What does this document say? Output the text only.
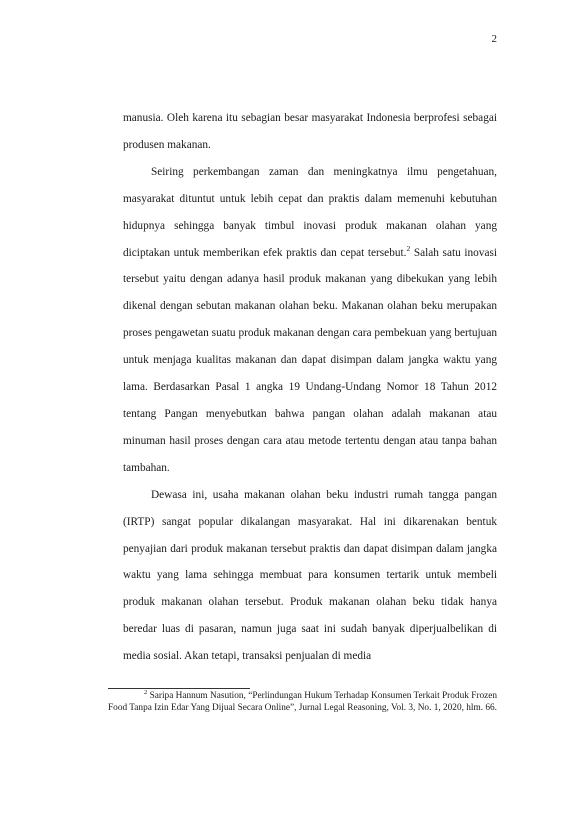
2

manusia. Oleh karena itu sebagian besar masyarakat Indonesia berprofesi sebagai produsen makanan.

Seiring perkembangan zaman dan meningkatnya ilmu pengetahuan, masyarakat dituntut untuk lebih cepat dan praktis dalam memenuhi kebutuhan hidupnya sehingga banyak timbul inovasi produk makanan olahan yang diciptakan untuk memberikan efek praktis dan cepat tersebut.$^2$ Salah satu inovasi tersebut yaitu dengan adanya hasil produk makanan yang dibekukan yang lebih dikenal dengan sebutan makanan olahan beku. Makanan olahan beku merupakan proses pengawetan suatu produk makanan dengan cara pembekuan yang bertujuan untuk menjaga kualitas makanan dan dapat disimpan dalam jangka waktu yang lama. Berdasarkan Pasal 1 angka 19 Undang-Undang Nomor 18 Tahun 2012 tentang Pangan menyebutkan bahwa pangan olahan adalah makanan atau minuman hasil proses dengan cara atau metode tertentu dengan atau tanpa bahan tambahan.

Dewasa ini, usaha makanan olahan beku industri rumah tangga pangan (IRTP) sangat popular dikalangan masyarakat. Hal ini dikarenakan bentuk penyajian dari produk makanan tersebut praktis dan dapat disimpan dalam jangka waktu yang lama sehingga membuat para konsumen tertarik untuk membeli produk makanan olahan tersebut. Produk makanan olahan beku tidak hanya beredar luas di pasaran, namun juga saat ini sudah banyak diperjualbelikan di media sosial. Akan tetapi, transaksi penjualan di media

$^2$ Saripa Hannum Nasution, “Perlindungan Hukum Terhadap Konsumen Terkait Produk Frozen Food Tanpa Izin Edar Yang Dijual Secara Online”, Jurnal Legal Reasoning, Vol. 3, No. 1, 2020, hlm. 66.
